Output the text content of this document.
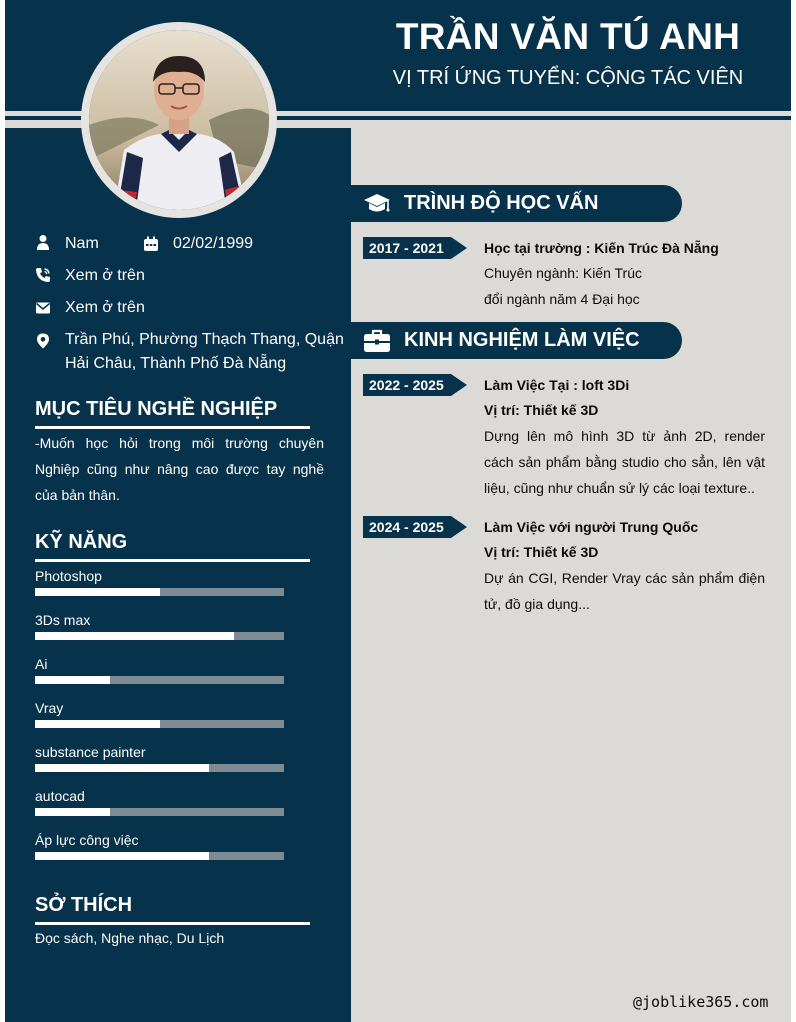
TRẦN VĂN TÚ ANH
VỊ TRÍ ỨNG TUYỂN: CỘNG TÁC VIÊN
Nam	02/02/1999
Xem ở trên
Xem ở trên
Trần Phú, Phường Thạch Thang, Quận
Hải Châu, Thành Phố Đà Nẵng
MỤC TIÊU NGHỀ NGHIỆP
-Muốn học hỏi trong môi trường chuyên Nghiệp cũng như nâng cao được tay nghề của bản thân.
KỸ NĂNG
Photoshop
3Ds max
Ai
Vray
substance painter
autocad
Áp lực công việc
SỞ THÍCH
Đọc sách, Nghe nhạc, Du Lịch
TRÌNH ĐỘ HỌC VẤN
2017 - 2021	Học tại trường : Kiến Trúc Đà Nẵng
Chuyên ngành: Kiến Trúc
đổi ngành năm 4 Đại học
KINH NGHIỆM LÀM VIỆC
2022 - 2025	Làm Việc Tại : loft 3Di
Vị trí: Thiết kế 3D
Dựng lên mô hình 3D từ ảnh 2D, render cách sản phẩm bằng studio cho sẳn, lên vật liệu, cũng như chuẩn sử lý các loại texture..
2024 - 2025	Làm Việc với người Trung Quốc
Vị trí: Thiết kế 3D
Dự án CGI, Render Vray các sản phẩm điện tử, đồ gia dụng...
@joblike365.com
